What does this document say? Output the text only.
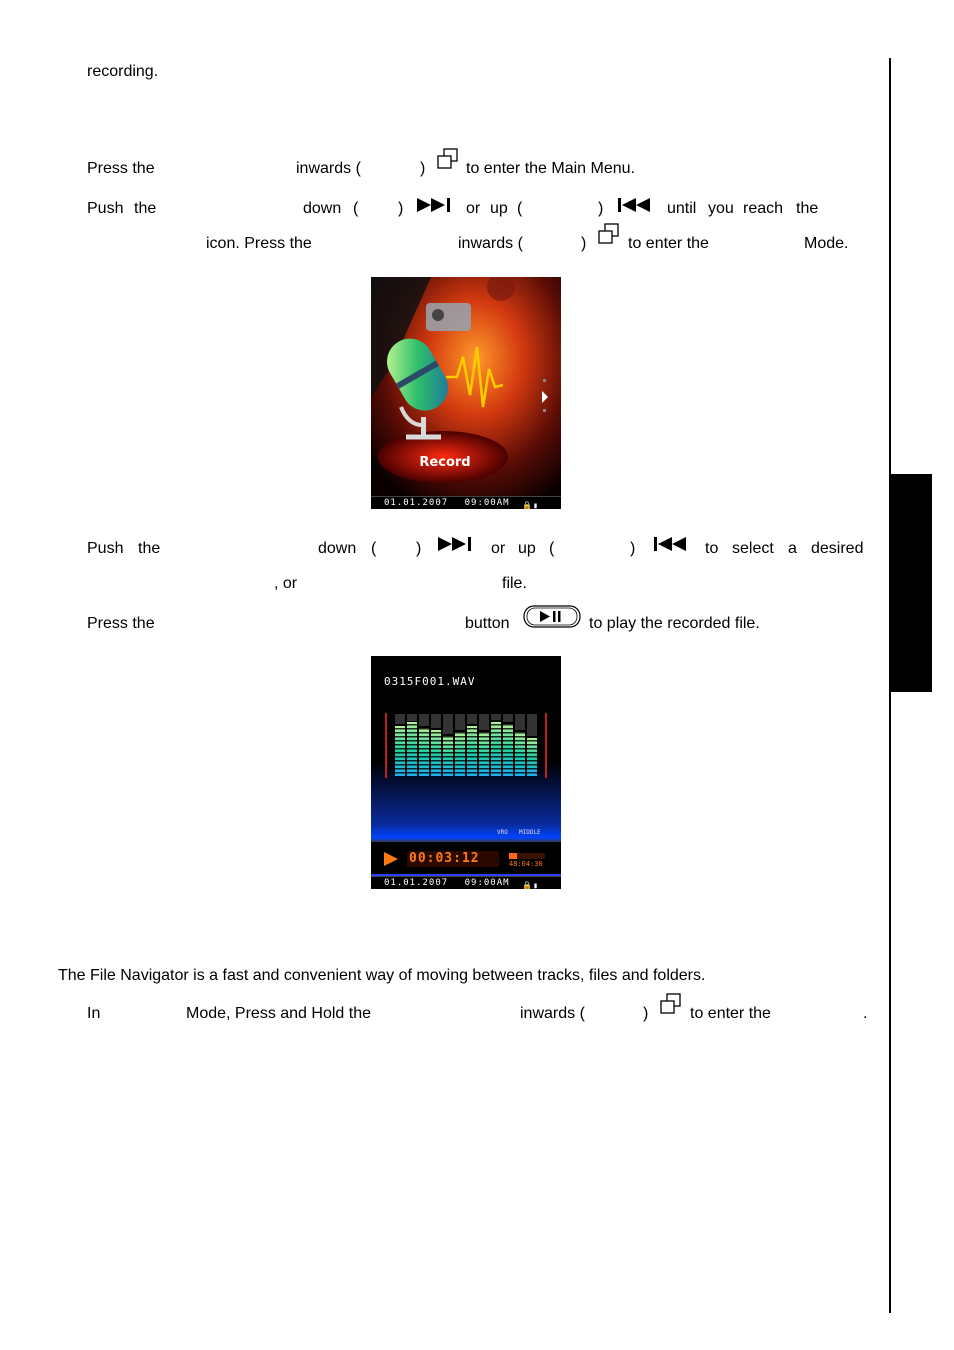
recording.
Press the	inwards (	)	to enter the Main Menu.
Push the	down ( )	or up (	)	until you reach the
icon. Press the	inwards (	)	to enter the	Mode.
Record
01.01.2007 09:00AM 🔒▮
Push the	down ( )	or up (	)	to select a desired
, or	file.
Press the	button	to play the recorded file.
0315F001.WAV
VRO MIDDLE
00:03:12	48:04:30
01.01.2007 09:00AM 🔒▮
The File Navigator is a fast and convenient way of moving between tracks, files and folders.
In	Mode, Press and Hold the	inwards (	)	to enter the	.
